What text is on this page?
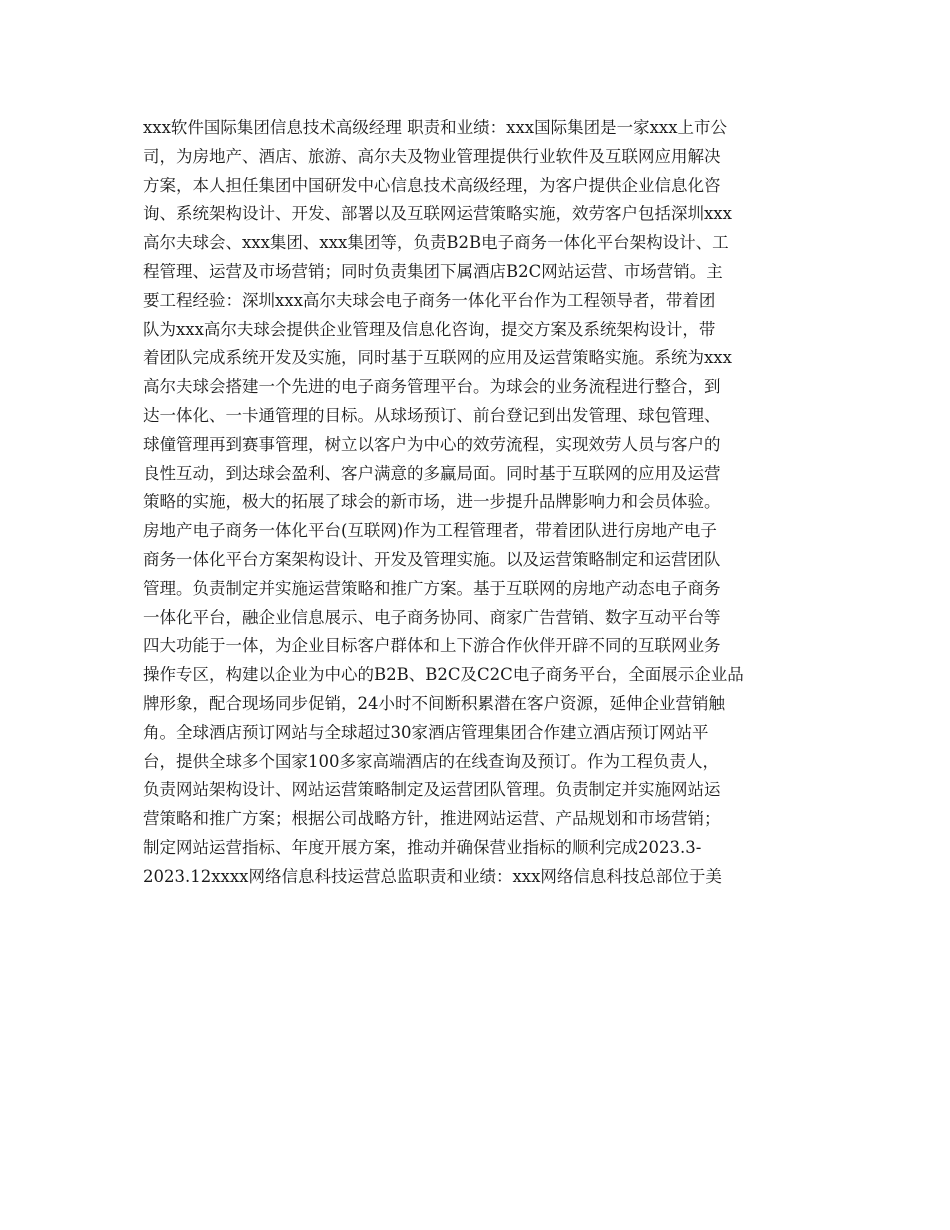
xxx软件国际集团信息技术高级经理 职责和业绩：xxx国际集团是一家xxx上市公
司，为房地产、酒店、旅游、高尔夫及物业管理提供行业软件及互联网应用解决
方案，本人担任集团中国研发中心信息技术高级经理，为客户提供企业信息化咨
询、系统架构设计、开发、部署以及互联网运营策略实施，效劳客户包括深圳xxx
高尔夫球会、xxx集团、xxx集团等，负责B2B电子商务一体化平台架构设计、工
程管理、运营及市场营销；同时负责集团下属酒店B2C网站运营、市场营销。主
要工程经验：深圳xxx高尔夫球会电子商务一体化平台作为工程领导者，带着团
队为xxx高尔夫球会提供企业管理及信息化咨询，提交方案及系统架构设计，带
着团队完成系统开发及实施，同时基于互联网的应用及运营策略实施。系统为xxx
高尔夫球会搭建一个先进的电子商务管理平台。为球会的业务流程进行整合，到
达一体化、一卡通管理的目标。从球场预订、前台登记到出发管理、球包管理、
球僮管理再到赛事管理，树立以客户为中心的效劳流程，实现效劳人员与客户的
良性互动，到达球会盈利、客户满意的多赢局面。同时基于互联网的应用及运营
策略的实施，极大的拓展了球会的新市场，进一步提升品牌影响力和会员体验。
房地产电子商务一体化平台(互联网)作为工程管理者，带着团队进行房地产电子
商务一体化平台方案架构设计、开发及管理实施。以及运营策略制定和运营团队
管理。负责制定并实施运营策略和推广方案。基于互联网的房地产动态电子商务
一体化平台，融企业信息展示、电子商务协同、商家广告营销、数字互动平台等
四大功能于一体，为企业目标客户群体和上下游合作伙伴开辟不同的互联网业务
操作专区，构建以企业为中心的B2B、B2C及C2C电子商务平台，全面展示企业品
牌形象，配合现场同步促销，24小时不间断积累潜在客户资源，延伸企业营销触
角。全球酒店预订网站与全球超过30家酒店管理集团合作建立酒店预订网站平
台，提供全球多个国家100多家高端酒店的在线查询及预订。作为工程负责人，
负责网站架构设计、网站运营策略制定及运营团队管理。负责制定并实施网站运
营策略和推广方案；根据公司战略方针，推进网站运营、产品规划和市场营销；
制定网站运营指标、年度开展方案，推动并确保营业指标的顺利完成2023.3-
2023.12xxxx网络信息科技运营总监职责和业绩：xxx网络信息科技总部位于美
